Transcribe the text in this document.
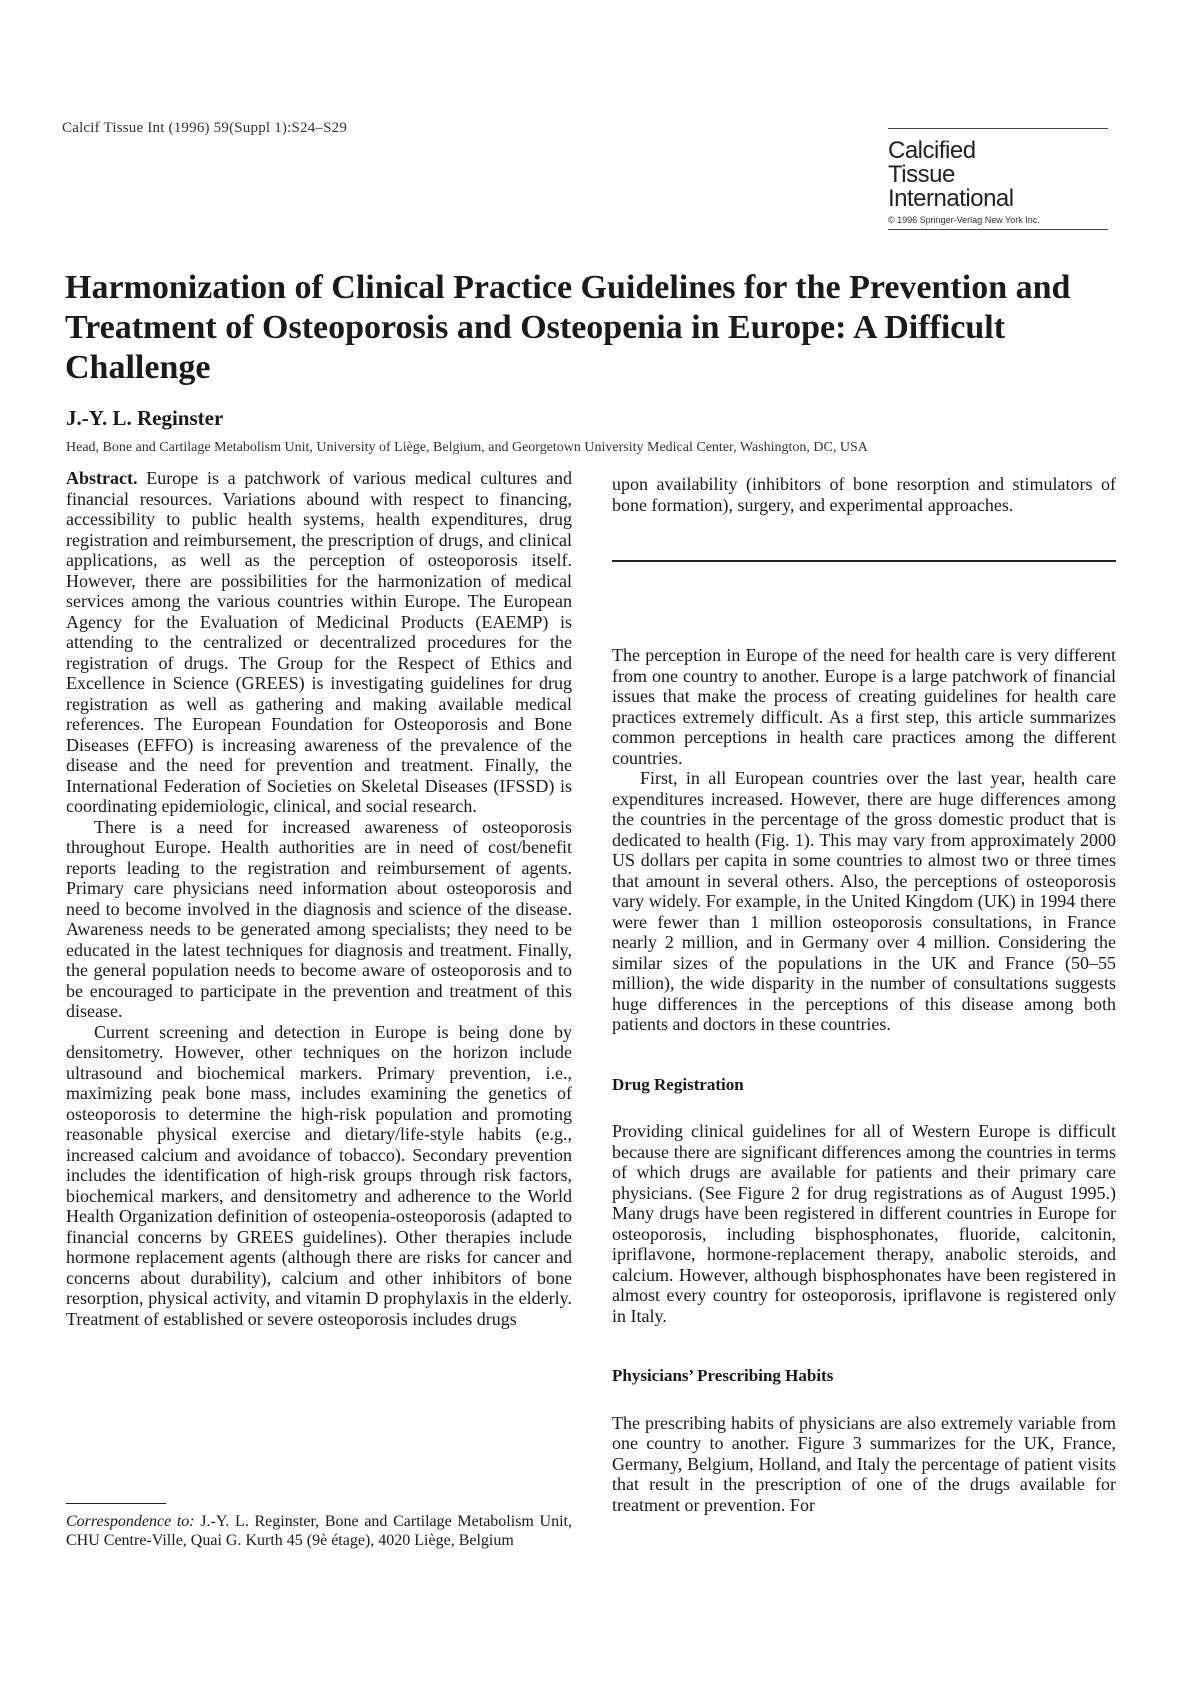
Calcif Tissue Int (1996) 59(Suppl 1):S24–S29
Calcified
Tissue
International
© 1996 Springer-Verlag New York Inc.
Harmonization of Clinical Practice Guidelines for the Prevention and Treatment of Osteoporosis and Osteopenia in Europe: A Difficult Challenge
J.-Y. L. Reginster
Head, Bone and Cartilage Metabolism Unit, University of Liège, Belgium, and Georgetown University Medical Center, Washington, DC, USA

Abstract. Europe is a patchwork of various medical cultures and financial resources. Variations abound with respect to financing, accessibility to public health systems, health expenditures, drug registration and reimbursement, the prescription of drugs, and clinical applications, as well as the perception of osteoporosis itself. However, there are possibilities for the harmonization of medical services among the various countries within Europe. The European Agency for the Evaluation of Medicinal Products (EAEMP) is attending to the centralized or decentralized procedures for the registration of drugs. The Group for the Respect of Ethics and Excellence in Science (GREES) is investigating guidelines for drug registration as well as gathering and making available medical references. The European Foundation for Osteoporosis and Bone Diseases (EFFO) is increasing awareness of the prevalence of the disease and the need for prevention and treatment. Finally, the International Federation of Societies on Skeletal Diseases (IFSSD) is coordinating epidemiologic, clinical, and social research.

There is a need for increased awareness of osteoporosis throughout Europe. Health authorities are in need of cost/benefit reports leading to the registration and reimbursement of agents. Primary care physicians need information about osteoporosis and need to become involved in the diagnosis and science of the disease. Awareness needs to be generated among specialists; they need to be educated in the latest techniques for diagnosis and treatment. Finally, the general population needs to become aware of osteoporosis and to be encouraged to participate in the prevention and treatment of this disease.

Current screening and detection in Europe is being done by densitometry. However, other techniques on the horizon include ultrasound and biochemical markers. Primary prevention, i.e., maximizing peak bone mass, includes examining the genetics of osteoporosis to determine the high-risk population and promoting reasonable physical exercise and dietary/life-style habits (e.g., increased calcium and avoidance of tobacco). Secondary prevention includes the identification of high-risk groups through risk factors, biochemical markers, and densitometry and adherence to the World Health Organization definition of osteopenia-osteoporosis (adapted to financial concerns by GREES guidelines). Other therapies include hormone replacement agents (although there are risks for cancer and concerns about durability), calcium and other inhibitors of bone resorption, physical activity, and vitamin D prophylaxis in the elderly. Treatment of established or severe osteoporosis includes drugs

Correspondence to: J.-Y. L. Reginster, Bone and Cartilage Metabolism Unit, CHU Centre-Ville, Quai G. Kurth 45 (9è étage), 4020 Liège, Belgium

upon availability (inhibitors of bone resorption and stimulators of bone formation), surgery, and experimental approaches.

The perception in Europe of the need for health care is very different from one country to another. Europe is a large patchwork of financial issues that make the process of creating guidelines for health care practices extremely difficult. As a first step, this article summarizes common perceptions in health care practices among the different countries.

First, in all European countries over the last year, health care expenditures increased. However, there are huge differences among the countries in the percentage of the gross domestic product that is dedicated to health (Fig. 1). This may vary from approximately 2000 US dollars per capita in some countries to almost two or three times that amount in several others. Also, the perceptions of osteoporosis vary widely. For example, in the United Kingdom (UK) in 1994 there were fewer than 1 million osteoporosis consultations, in France nearly 2 million, and in Germany over 4 million. Considering the similar sizes of the populations in the UK and France (50–55 million), the wide disparity in the number of consultations suggests huge differences in the perceptions of this disease among both patients and doctors in these countries.

Drug Registration

Providing clinical guidelines for all of Western Europe is difficult because there are significant differences among the countries in terms of which drugs are available for patients and their primary care physicians. (See Figure 2 for drug registrations as of August 1995.) Many drugs have been registered in different countries in Europe for osteoporosis, including bisphosphonates, fluoride, calcitonin, ipriflavone, hormone-replacement therapy, anabolic steroids, and calcium. However, although bisphosphonates have been registered in almost every country for osteoporosis, ipriflavone is registered only in Italy.

Physicians’ Prescribing Habits

The prescribing habits of physicians are also extremely variable from one country to another. Figure 3 summarizes for the UK, France, Germany, Belgium, Holland, and Italy the percentage of patient visits that result in the prescription of one of the drugs available for treatment or prevention. For
